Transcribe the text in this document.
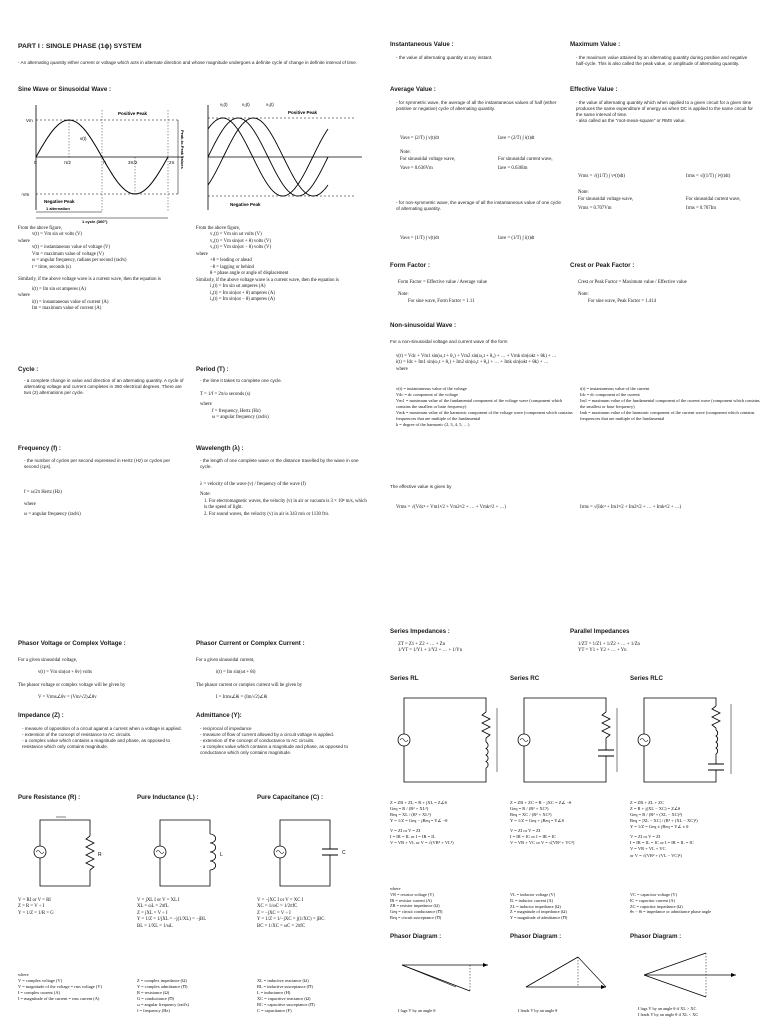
PART I : SINGLE PHASE (1ϕ) SYSTEM
- An alternating quantity either current or voltage which acts in alternate direction and whose magnitude undergoes a definite cycle of change in definite interval of time.
Sine Wave or Sinusoidal Wave :
Positive Peak
Negative Peak
Peak-to-Peak values
Vm
-Vm
v(t)
0	π/2	π	3π/2	2π
1 alternation
1 cycle (360°)
Positive Peak
Negative Peak
v₁(t)	v₂(t)	v₃(t)

From the above figure,

v(t) = Vm sin ωt volts (V)

where

v(t) = instantaneous value of voltage (V)

Vm = maximum value of voltage (V)

ω = angular frequency, radians per second (rad/s)

t = time, seconds (s)

Similarly, if the above voltage wave is a current wave, then the equation is

i(t) = Im sin ωt amperes (A)

where

i(t) = instantaneous value of current (A)

Im = maximum value of current (A)

From the above figure,

v₁(t) = Vm sin ωt volts (V)

v₂(t) = Vm sin(ωt + θ) volts (V)

v₃(t) = Vm sin(ωt − θ) volts (V)

where

+θ = leading or ahead

−θ = lagging or behind

θ = phase angle or angle of displacement

Similarly, if the above voltage wave is a current wave, then the equation is

i₁(t) = Im sin ωt amperes (A)

i₂(t) = Im sin(ωt + θ) amperes (A)

i₃(t) = Im sin(ωt − θ) amperes (A)

Cycle :
- a complete change in value and direction of an alternating quantity. A cycle of alternating voltage and current completes in 360 electrical degrees. There are two (2) alternations per cycle.
Period (T) :
- the time it takes to complete one cycle.

T = 1/f = 2π/ω seconds (s)

where

f = frequency, Hertz (Hz)

ω = angular frequency (rad/s)

Frequency (f) :
- the number of cycles per second expressed in Hertz (Hz) or cycles per second (cps).

f = ω/2π Hertz (Hz)

where

ω = angular frequency (rad/s)

Wavelength (λ) :
- the length of one complete wave or the distance travelled by the wave in one cycle.

λ = velocity of the wave (v) / frequency of the wave (f)

Note:

1. For electromagnetic waves, the velocity (v) in air or vacuum is 3 × 10⁸ m/s, which is the speed of light.

2. For sound waves, the velocity (v) in air is 343 m/s or 1130 ft/s.

Instantaneous Value :
- the value of alternating quantity at any instant.
Maximum Value :
- the maximum value attained by an alternating quantity during positive and negative half-cycle. This is also called the peak value, or amplitude of alternating quantity.
Average Value :
- for symmetric wave, the average of all the instantaneous values of half (either positive or negative) cycle of alternating quantity.

Vave = (2/T) ∫ v(t)dt	Iave = (2/T) ∫ i(t)dt

Note:

For sinusoidal voltage wave,	For sinusoidal current wave,

Vave = 0.636Vm	Iave = 0.636Im

- for non-symmetric wave, the average of all the instantaneous value of one cycle of alternating quantity.

Vave = (1/T) ∫ v(t)dt	Iave = (1/T) ∫ i(t)dt

Effective Value :

- the value of alternating quantity which when applied to a given circuit for a given time produces the same expenditure of energy as when DC is applied to the same circuit for the same interval of time.

- also called as the "root-mean-square" or RMS value.

Vrms = √((1/T) ∫ v²(t)dt)	Irms = √((1/T) ∫ i²(t)dt)

Note:

For sinusoidal voltage wave,	For sinusoidal current wave,

Vrms = 0.707Vm	Irms = 0.707Im

Form Factor :

Form Factor = Effective value / Average value

Note:

For sine wave, Form Factor = 1.11

Crest or Peak Factor :

Crest or Peak Factor = Maximum value / Effective value

Note:

For sine wave, Peak Factor = 1.414

Non-sinusoidal Wave :
For a non-sinusoidal voltage and current wave of the form

v(t) = Vdc + Vm1 sin(ω₁t + θ₁) + Vm2 sin(ω₂t + θ₂) + … + Vmk sin(ωkt + θk) + …

i(t) = Idc + Im1 sin(ω₁t + θ₁) + Im2 sin(ω₂t + θ₂) + … + Imk sin(ωkt + θk) + …

where

v(t) = instantaneous value of the voltage

Vdc = dc component of the voltage

Vm1 = maximum value of the fundamental component of the voltage wave (component which contains the smallest or base frequency)

Vmk = maximum value of the harmonic component of the voltage wave (component which contains frequencies that are multiple of the fundamental

k = degree of the harmonic (2, 3, 4, 5, …)

i(t) = instantaneous value of the current

Idc = dc component of the current

Im1 = maximum value of the fundamental component of the current wave (component which contains the smallest or base frequency)

Imk = maximum value of the harmonic component of the current wave (component which contains frequencies that are multiple of the fundamental

The effective value is given by
Vrms = √(Vdc² + Vm1²/2 + Vm2²/2 + … + Vmk²/2 + …)	Irms = √(Idc² + Im1²/2 + Im2²/2 + … + Imk²/2 + …)
Phasor Voltage or Complex Voltage :

For a given sinusoidal voltage,

v(t) = Vm sin(ωt + θv) volts

The phasor voltage or complex voltage will be given by

V = Vrms∠θv = (Vm/√2)∠θv

Phasor Current or Complex Current :

For a given sinusoidal current,

i(t) = Im sin(ωt + θi)

The phasor current or complex current will be given by

I = Irms∠θi = (Im/√2)∠θi

Impedance (Z) :

- measure of opposition of a circuit against a current when a voltage is applied.

- extension of the concept of resistance to AC circuits.

- a complex value which contains a magnitude and phase, as opposed to resistance which only contains magnitude.

Admittance (Y):

- reciprocal of impedance

- measure of flow of current allowed by a circuit voltage is applied.

- extension of the concept of conductance to AC circuits.

- a complex value which contains a magnitude and phase, as opposed to conductance which only contains magnitude.

Pure Resistance (R) :	Pure Inductance (L) :	Pure Capacitance (C) :
R	L	C

V = RI or V = RI

Z = R = V ÷ I

Y = 1/Z = 1/R = G

V = jXL I or V = XL I

XL = ωL = 2πfL

Z = jXL = V ÷ I

Y = 1/Z = 1/jXL = −j(1/XL) = −jBL

BL = 1/XL = 1/ωL

V = −jXC I or V = XC I

XC = 1/ωC = 1/2πfC

Z = −jXC = V ÷ I

Y = 1/Z = 1/−jXC = j(1/XC) = jBC

BC = 1/XC = ωC = 2πfC

where

V = complex voltage (V)

V = magnitude of the voltage = rms voltage (V)

I = complex current (A)

I = magnitude of the current = rms current (A)

Z = complex impedance (Ω)

Y = complex admittance (Ʊ)

R = resistance (Ω)

G = conductance (Ʊ)

ω = angular frequency (rad/s)

f = frequency (Hz)

XL = inductive reactance (Ω)

BL = inductive susceptance (Ʊ)

L = inductance (H)

XC = capacitive reactance (Ω)

BC = capacitive susceptance (Ʊ)

C = capacitance (F)

Series Impedances :

ZT = Z1 + Z2 + … + Zn

1/YT = 1/Y1 + 1/Y2 + … + 1/Yn

Parallel Impedances

1/ZT = 1/Z1 + 1/Z2 + … + 1/Zn

YT = Y1 + Y2 + … + Yn

Series RL	Series RC	Series RLC

Z = ZR + ZL = R + jXL = Z∠θ

Geq = R / (R² + XL²)

Beq = XL / (R² + XL²)

Y = 1/Z = Geq − jBeq = Y∠ −θ

V = ZI or V = ZI

I = IR = IL or I = IR = IL

V = VR + VL or V = √(VR² + VL²)

Z = ZR + ZC = R − jXC = Z∠ −θ

Geq = R / (R² + XC²)

Beq = XC / (R² + XC²)

Y = 1/Z = Geq + jBeq = Y∠θ

V = ZI or V = ZI

I = IR = IC or I = IR = IC

V = VR + VC or V = √(VR² + VC²)

Z = ZR + ZL + ZC

Z = R + j(XL − XC) = Z∠θ

Geq = R / (R² + (XL − XC)²)

Beq = |XL − XC| / (R² + (XL − XC)²)

Y = 1/Z = Geq ± jBeq = Y∠ ± θ

V = ZI or V = ZI

I = IR = IL = IC or I = IR = IL = IC

V = VR + VL + VC

or V = √(VR² + (VL − VC)²)

where

VR = resistor voltage (V)

IR = resistor current (A)

ZR = resistor impedance (Ω)

Geq = circuit conductance (Ʊ)

Beq = circuit susceptance (Ʊ)

VL = inductor voltage (V)

IL = inductor current (A)

ZL = inductor impedance (Ω)

Z = magnitude of impedance (Ω)

Y = magnitude of admittance (Ʊ)

VC = capacitor voltage (V)

IC = capacitor current (A)

ZC = capacitor impedance (Ω)

θv − θi = impedance or admittance phase angle

Phasor Diagram :	Phasor Diagram :	Phasor Diagram :
I lags V by an angle θ	I leads V by an angle θ	I lags V by an angle θ if XL > XC

I leads V by an angle θ if XL < XC
